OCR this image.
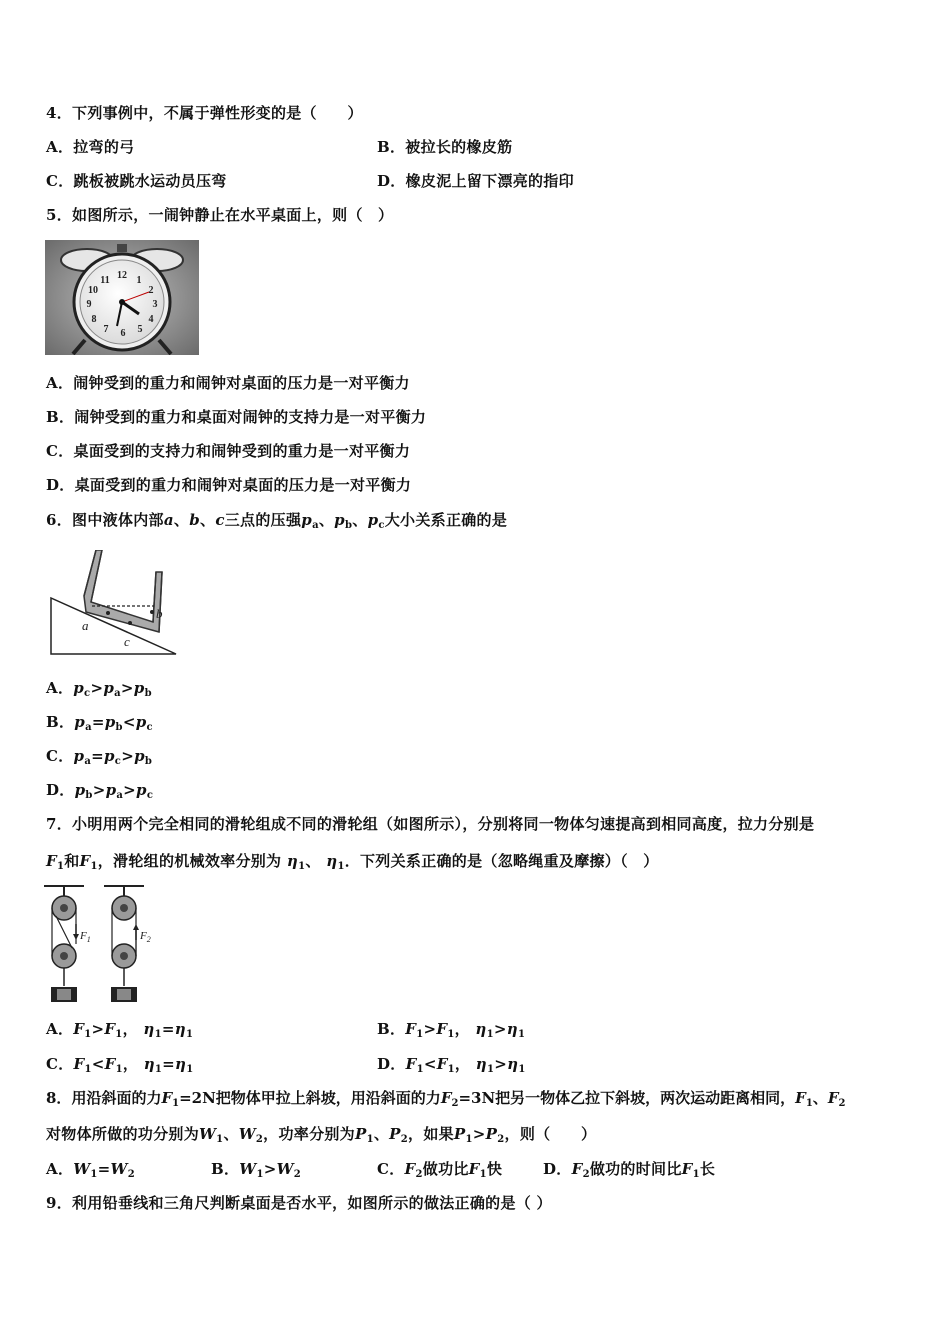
4．下列事例中，不属于弹性形变的是（　　）
A．拉弯的弓	B．被拉长的橡皮筋
C．跳板被跳水运动员压弯	D．橡皮泥上留下漂亮的指印
5．如图所示，一闹钟静止在水平桌面上，则（　）
12 1
2
3
4
5
6
7
8
9
10
11
A．闹钟受到的重力和闹钟对桌面的压力是一对平衡力
B．闹钟受到的重力和桌面对闹钟的支持力是一对平衡力
C．桌面受到的支持力和闹钟受到的重力是一对平衡力
D．桌面受到的重力和闹钟对桌面的压力是一对平衡力
6．图中液体内部a、b、c三点的压强$p_a$、$p_b$、$p_c$大小关系正确的是
a
b
c
A．$p_c>p_a>p_b$
B．$p_a=p_b<p_c$
C．$p_a=p_c>p_b$
D．$p_b>p_a>p_c$
7．小明用两个完全相同的滑轮组成不同的滑轮组（如图所示），分别将同一物体匀速提高到相同高度，拉力分别是
$F_1$和$F_1$，滑轮组的机械效率分别为 $\eta_1$、 $\eta_1$．下列关系正确的是（忽略绳重及摩擦）（　）
$F_1$	$F_2$
A．$F_1>F_1$， $\eta_1=\eta_1$	B．$F_1>F_1$， $\eta_1>\eta_1$
C．$F_1<F_1$， $\eta_1=\eta_1$	D．$F_1<F_1$， $\eta_1>\eta_1$
8．用沿斜面的力$F_1=2N$把物体甲拉上斜坡，用沿斜面的力$F_2=3N$把另一物体乙拉下斜坡，两次运动距离相同，$F_1$、$F_2$
对物体所做的功分别为$W_1$、$W_2$，功率分别为$P_1$、$P_2$，如果$P_1>P_2$，则（　　）
A．$W_1=W_2$	B．$W_1>W_2$	C．$F_2$做功比$F_1$快	D．$F_2$做功的时间比$F_1$长
9．利用铅垂线和三角尺判断桌面是否水平，如图所示的做法正确的是（ ）
